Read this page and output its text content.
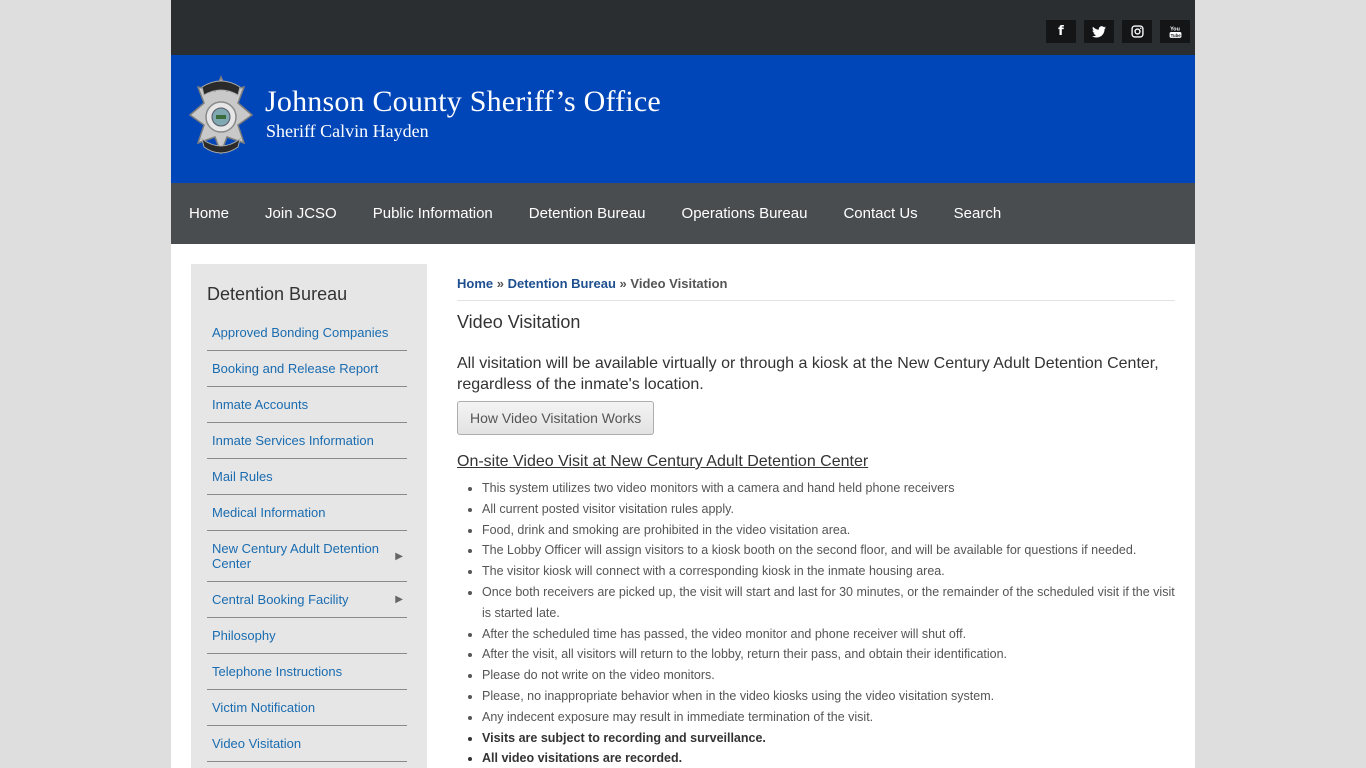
f	You
Tube
Johnson County Sheriff’s Office
Sheriff Calvin Hayden
Home	Join JCSO	Public Information	Detention Bureau	Operations Bureau	Contact Us	Search
Detention Bureau
Approved Bonding Companies
Booking and Release Report
Inmate Accounts
Inmate Services Information
Mail Rules
Medical Information
New Century Adult Detention Center	▶
Central Booking Facility	▶
Philosophy
Telephone Instructions
Victim Notification
Video Visitation
Home » Detention Bureau » Video Visitation
Video Visitation

All visitation will be available virtually or through a kiosk at the New Century Adult Detention Center, regardless of the inmate's location.

How Video Visitation Works
On-site Video Visit at New Century Adult Detention Center
• This system utilizes two video monitors with a camera and hand held phone receivers
• All current posted visitor visitation rules apply.
• Food, drink and smoking are prohibited in the video visitation area.
• The Lobby Officer will assign visitors to a kiosk booth on the second floor, and will be available for questions if needed.
• The visitor kiosk will connect with a corresponding kiosk in the inmate housing area.
• Once both receivers are picked up, the visit will start and last for 30 minutes, or the remainder of the scheduled visit if the visit is started late.
• After the scheduled time has passed, the video monitor and phone receiver will shut off.
• After the visit, all visitors will return to the lobby, return their pass, and obtain their identification.
• Please do not write on the video monitors.
• Please, no inappropriate behavior when in the video kiosks using the video visitation system.
• Any indecent exposure may result in immediate termination of the visit.
• Visits are subject to recording and surveillance.
• All video visitations are recorded.
